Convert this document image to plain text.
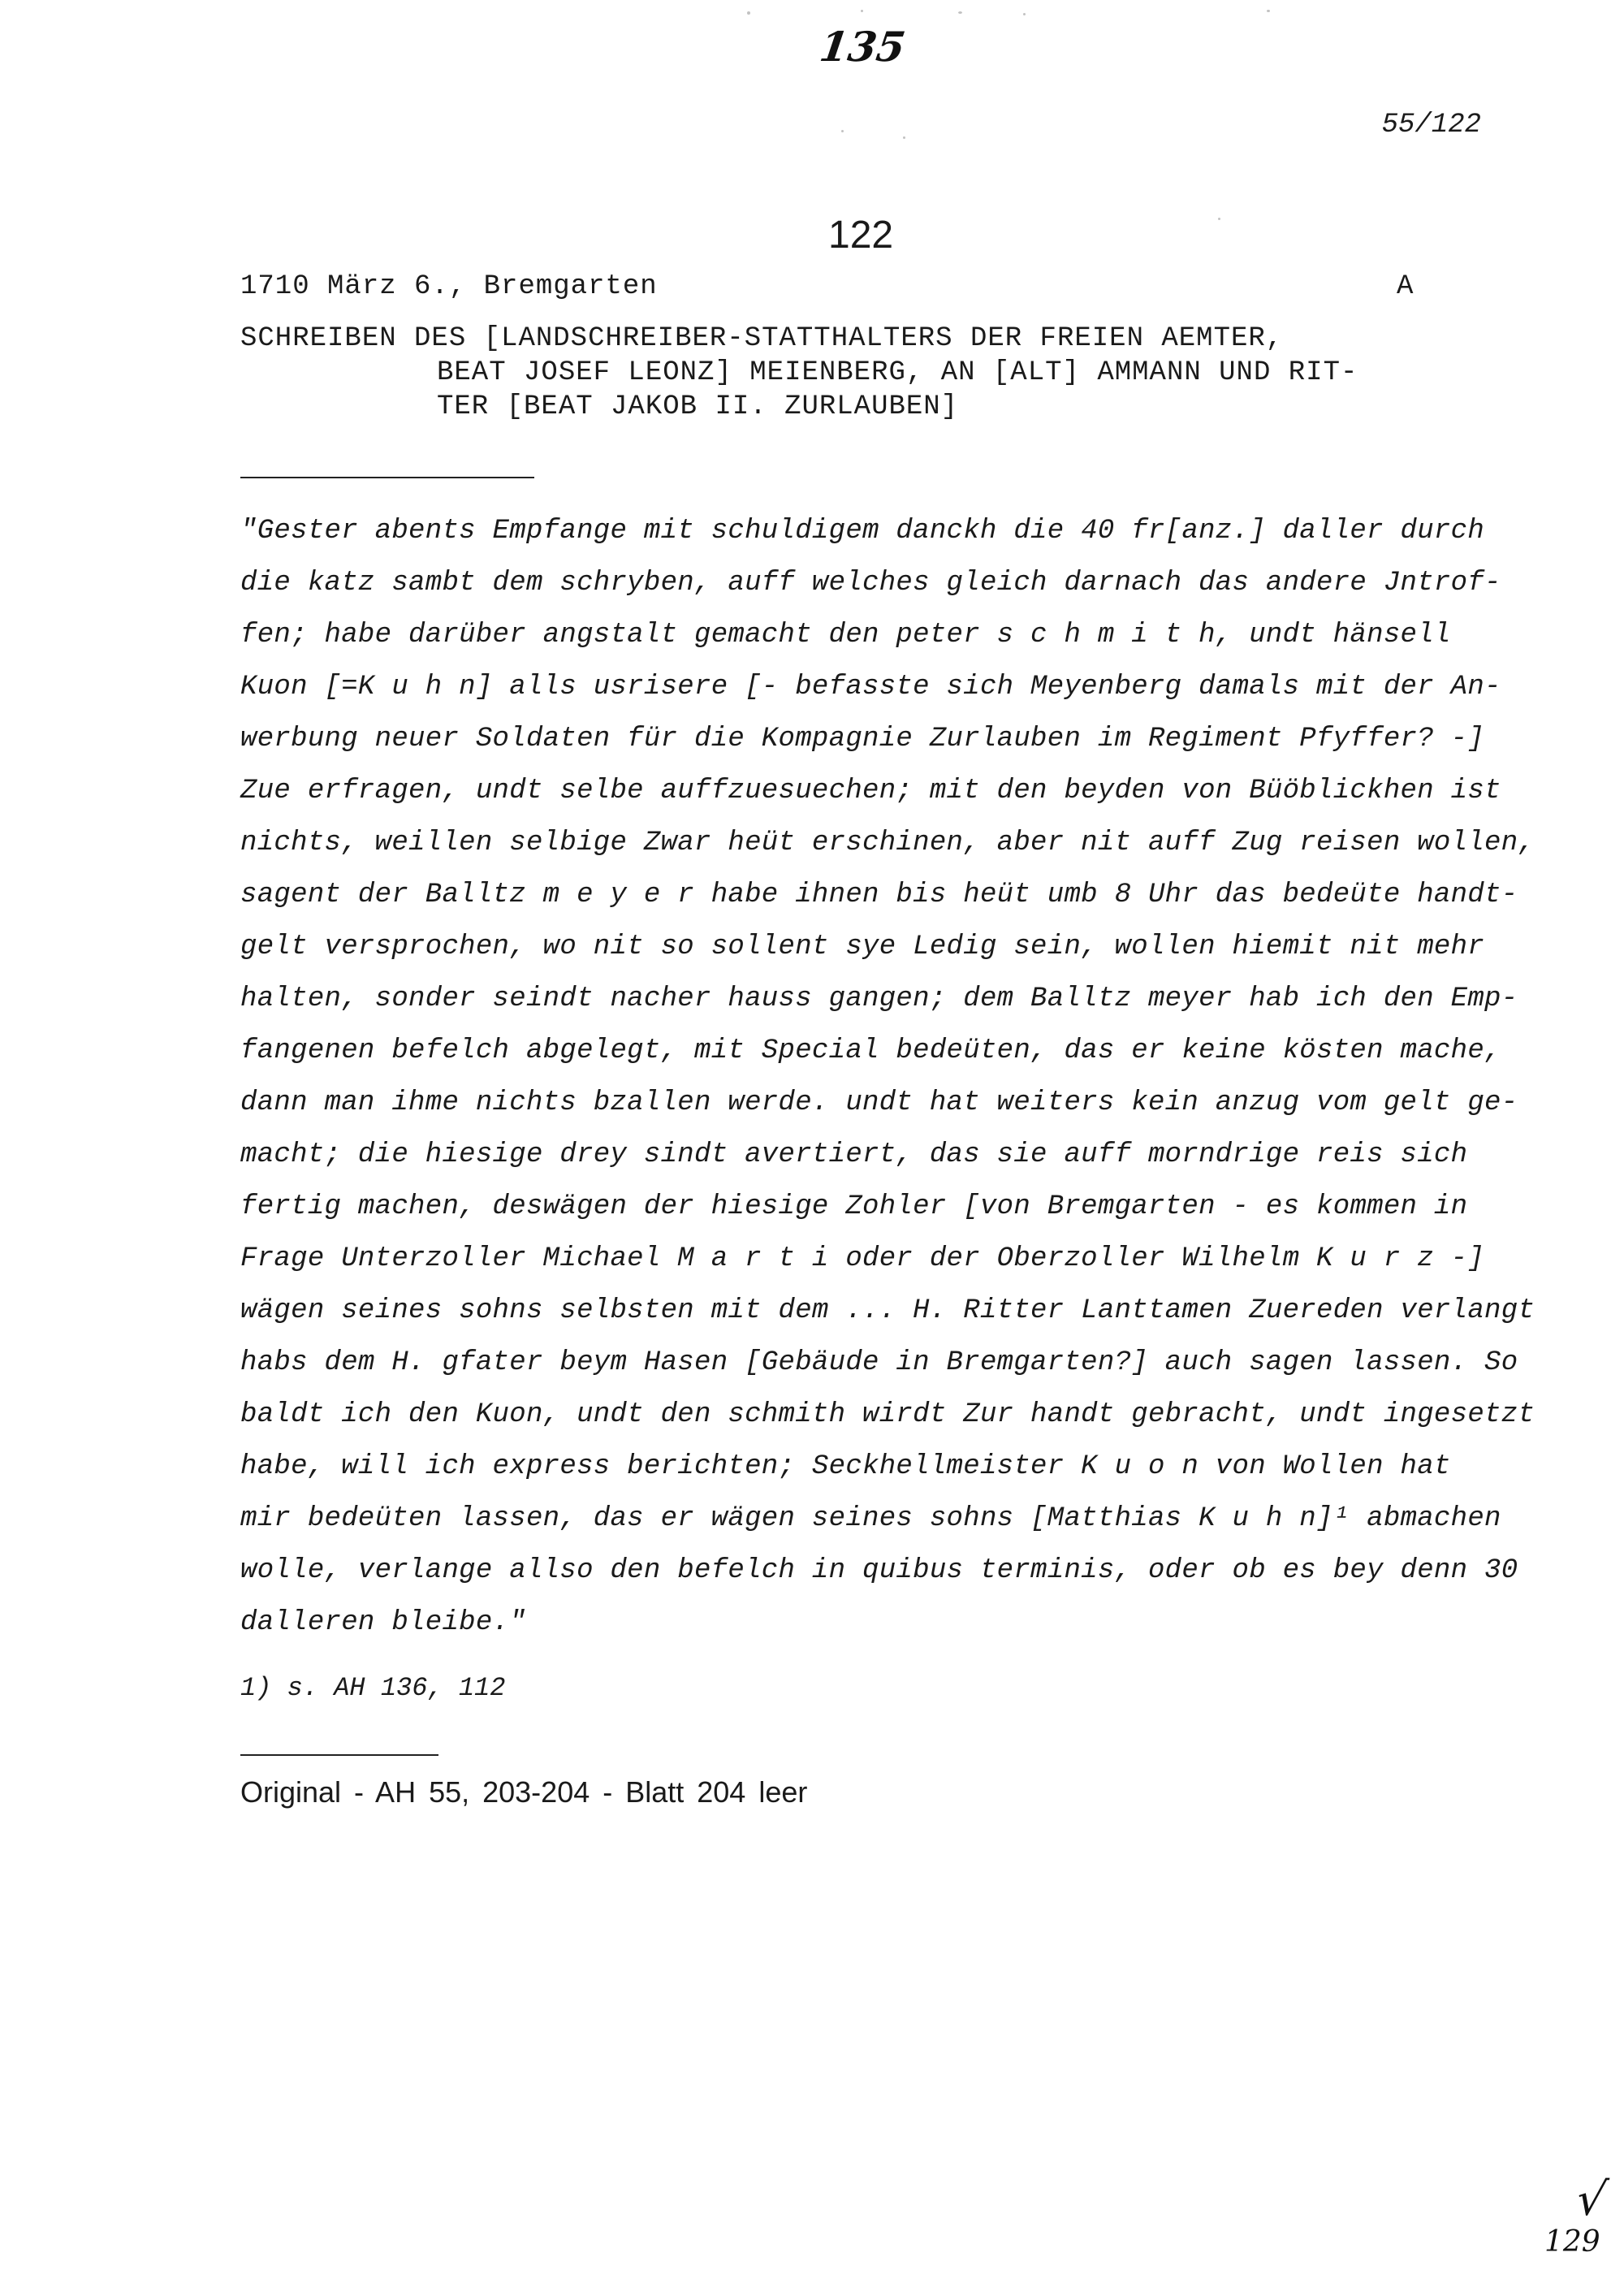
135
55/122
122
1710 März 6., Bremgarten	A
SCHREIBEN DES [LANDSCHREIBER-STATTHALTERS DER FREIEN AEMTER,
BEAT JOSEF LEONZ] MEIENBERG, AN [ALT] AMMANN UND RIT-
TER [BEAT JAKOB II. ZURLAUBEN]
"Gester abents Empfange mit schuldigem danckh die 40 fr[anz.] daller durch
die katz sambt dem schryben, auff welches gleich darnach das andere Jntrof-
fen; habe darüber angstalt gemacht den peter s c h m i t h, undt hänsell
Kuon [=K u h n] alls usrisere [- befasste sich Meyenberg damals mit der An-
werbung neuer Soldaten für die Kompagnie Zurlauben im Regiment Pfyffer? -]
Zue erfragen, undt selbe auffzuesuechen; mit den beyden von Büöblickhen ist
nichts, weillen selbige Zwar heüt erschinen, aber nit auff Zug reisen wollen,
sagent der Balltz m e y e r habe ihnen bis heüt umb 8 Uhr das bedeüte handt-
gelt versprochen, wo nit so sollent sye Ledig sein, wollen hiemit nit mehr
halten, sonder seindt nacher hauss gangen; dem Balltz meyer hab ich den Emp-
fangenen befelch abgelegt, mit Special bedeüten, das er keine kösten mache,
dann man ihme nichts bzallen werde. undt hat weiters kein anzug vom gelt ge-
macht; die hiesige drey sindt avertiert, das sie auff morndrige reis sich
fertig machen, deswägen der hiesige Zohler [von Bremgarten - es kommen in
Frage Unterzoller Michael M a r t i oder der Oberzoller Wilhelm K u r z -]
wägen seines sohns selbsten mit dem ... H. Ritter Lanttamen Zuereden verlangt
habs dem H. gfater beym Hasen [Gebäude in Bremgarten?] auch sagen lassen. So
baldt ich den Kuon, undt den schmith wirdt Zur handt gebracht, undt ingesetzt
habe, will ich express berichten; Seckhellmeister K u o n von Wollen hat
mir bedeüten lassen, das er wägen seines sohns [Matthias K u h n]¹ abmachen
wolle, verlange allso den befelch in quibus terminis, oder ob es bey denn 30
dalleren bleibe."
1) s. AH 136, 112
Original - AH 55, 203-204 - Blatt 204 leer
√
129
